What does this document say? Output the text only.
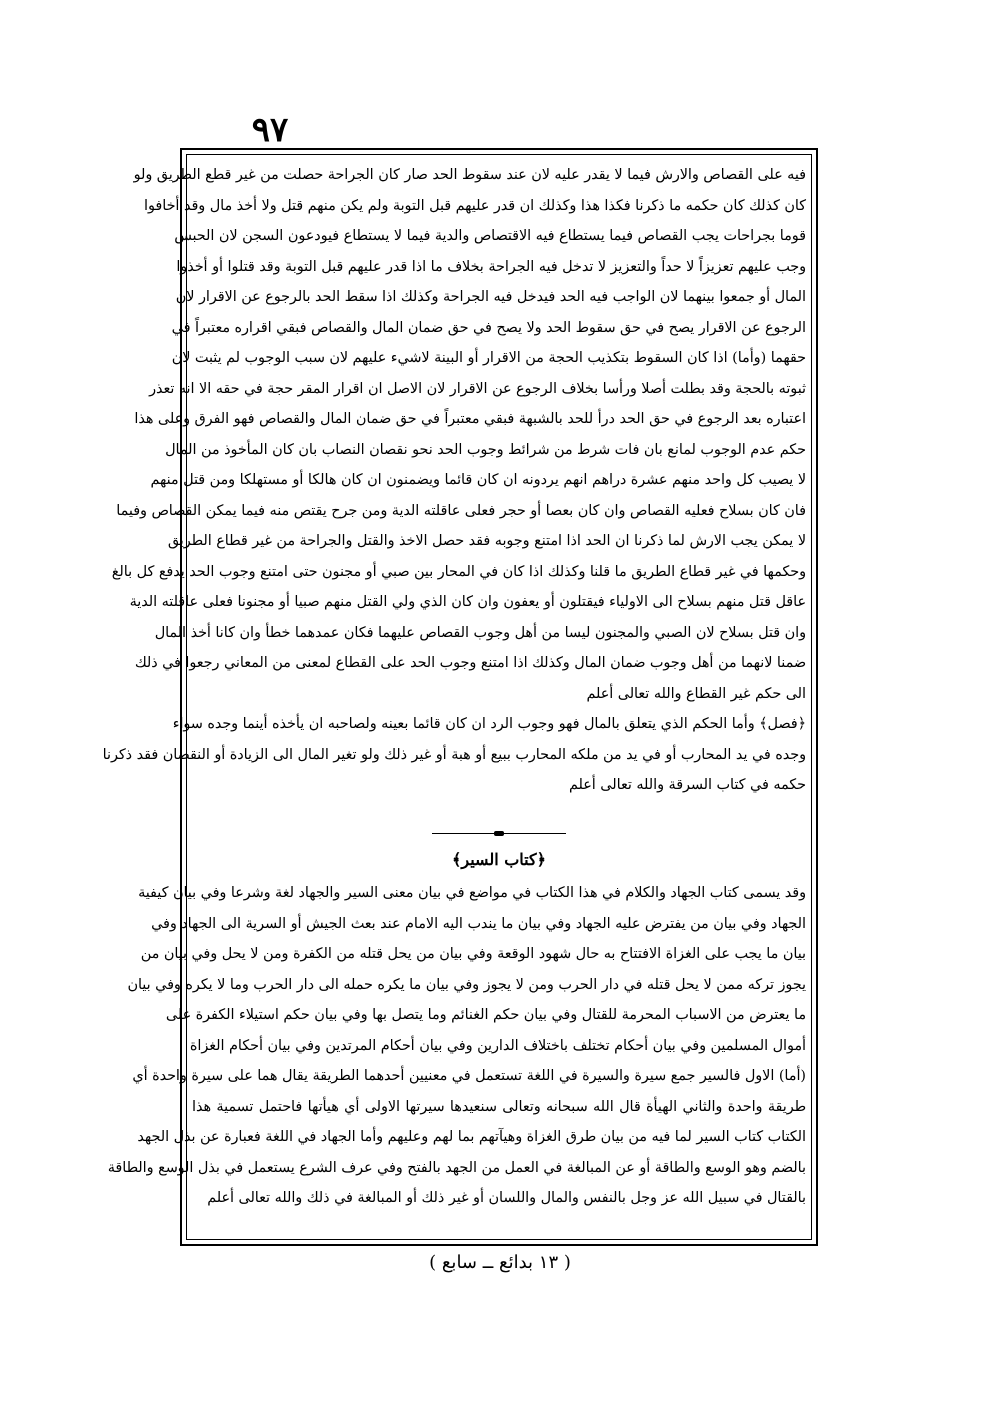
٩٧
فيه على القصاص والارش فيما لا يقدر عليه لان عند سقوط الحد صار كان الجراحة حصلت من غير قطع الطريق ولو
كان كذلك كان حكمه ما ذكرنا فكذا هذا وكذلك ان قدر عليهم قبل التوبة ولم يكن منهم قتل ولا أخذ مال وقد أخافوا
قوما بجراحات يجب القصاص فيما يستطاع فيه الاقتصاص والدية فيما لا يستطاع فيودعون السجن لان الحبس
وجب عليهم تعزيزاً لا حداً والتعزيز لا تدخل فيه الجراحة بخلاف ما اذا قدر عليهم قبل التوبة وقد قتلوا أو أخذوا
المال أو جمعوا بينهما لان الواجب فيه الحد فيدخل فيه الجراحة وكذلك اذا سقط الحد بالرجوع عن الاقرار لان
الرجوع عن الاقرار يصح في حق سقوط الحد ولا يصح في حق ضمان المال والقصاص فبقي اقراره معتبراً في
حقهما (وأما) اذا كان السقوط بتكذيب الحجة من الاقرار أو البينة لاشيء عليهم لان سبب الوجوب لم يثبت لان
ثبوته بالحجة وقد بطلت أصلا ورأسا بخلاف الرجوع عن الاقرار لان الاصل ان اقرار المقر حجة في حقه الا انه تعذر
اعتباره بعد الرجوع في حق الحد درأ للحد بالشبهة فبقي معتبراً في حق ضمان المال والقصاص فهو الفرق وعلى هذا
حكم عدم الوجوب لمانع بان فات شرط من شرائط وجوب الحد نحو نقصان النصاب بان كان المأخوذ من المال
لا يصيب كل واحد منهم عشرة دراهم انهم يردونه ان كان قائما ويضمنون ان كان هالكا أو مستهلكا ومن قتل منهم
فان كان بسلاح فعليه القصاص وان كان بعصا أو حجر فعلى عاقلته الدية ومن جرح يقتص منه فيما يمكن القصاص وفيما
لا يمكن يجب الارش لما ذكرنا ان الحد اذا امتنع وجوبه فقد حصل الاخذ والقتل والجراحة من غير قطاع الطريق
وحكمها في غير قطاع الطريق ما قلنا وكذلك اذا كان في المحار بين صبي أو مجنون حتى امتنع وجوب الحد يدفع كل بالغ
عاقل قتل منهم بسلاح الى الاولياء فيقتلون أو يعفون وان كان الذي ولي القتل منهم صبيا أو مجنونا فعلى عاقلته الدية
وان قتل بسلاح لان الصبي والمجنون ليسا من أهل وجوب القصاص عليهما فكان عمدهما خطأ وان كانا أخذ المال
ضمنا لانهما من أهل وجوب ضمان المال وكذلك اذا امتنع وجوب الحد على القطاع لمعنى من المعاني رجعوا في ذلك
الى حكم غير القطاع والله تعالى أعلم
﴿فصل﴾ وأما الحكم الذي يتعلق بالمال فهو وجوب الرد ان كان قائما بعينه ولصاحبه ان يأخذه أينما وجده سواء
وجده في يد المحارب أو في يد من ملكه المحارب ببيع أو هبة أو غير ذلك ولو تغير المال الى الزيادة أو النقصان فقد ذكرنا
حكمه في كتاب السرقة والله تعالى أعلم
﴿كتاب السير﴾
وقد يسمى كتاب الجهاد والكلام في هذا الكتاب في مواضع في بيان معنى السير والجهاد لغة وشرعا وفي بيان كيفية
الجهاد وفي بيان من يفترض عليه الجهاد وفي بيان ما يندب اليه الامام عند بعث الجيش أو السرية الى الجهاد وفي
بيان ما يجب على الغزاة الافتتاح به حال شهود الوقعة وفي بيان من يحل قتله من الكفرة ومن لا يحل وفي بيان من
يجوز تركه ممن لا يحل قتله في دار الحرب ومن لا يجوز وفي بيان ما يكره حمله الى دار الحرب وما لا يكره وفي بيان
ما يعترض من الاسباب المحرمة للقتال وفي بيان حكم الغنائم وما يتصل بها وفي بيان حكم استيلاء الكفرة على
أموال المسلمين وفي بيان أحكام تختلف باختلاف الدارين وفي بيان أحكام المرتدين وفي بيان أحكام الغزاة
(أما) الاول فالسير جمع سيرة والسيرة في اللغة تستعمل في معنيين أحدهما الطريقة يقال هما على سيرة واحدة أي
طريقة واحدة والثاني الهيأة قال الله سبحانه وتعالى سنعيدها سيرتها الاولى أي هيأتها فاحتمل تسمية هذا
الكتاب كتاب السير لما فيه من بيان طرق الغزاة وهيآتهم بما لهم وعليهم وأما الجهاد في اللغة فعبارة عن بذل الجهد
بالضم وهو الوسع والطاقة أو عن المبالغة في العمل من الجهد بالفتح وفي عرف الشرع يستعمل في بذل الوسع والطاقة
بالقتال في سبيل الله عز وجل بالنفس والمال واللسان أو غير ذلك أو المبالغة في ذلك والله تعالى أعلم
( ١٣ بدائع ــ سابع )
